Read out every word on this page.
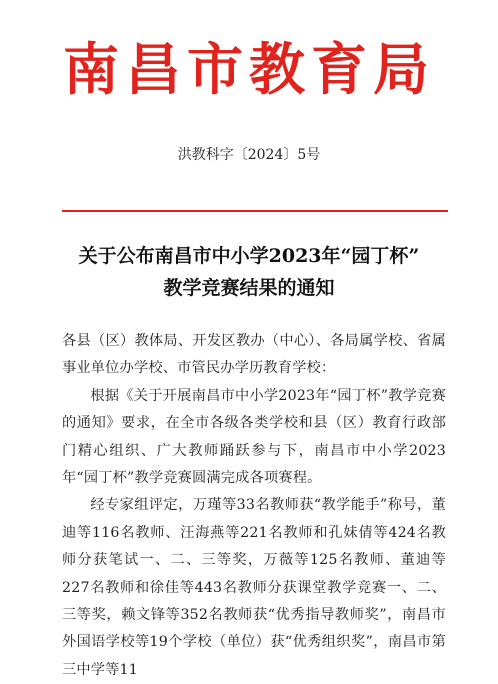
南昌市教育局
洪教科字〔2024〕5号
关于公布南昌市中小学2023年“园丁杯”
教学竞赛结果的通知

各县（区）教体局、开发区教办（中心）、各局属学校、省属事业单位办学校、市管民办学历教育学校：

根据《关于开展南昌市中小学2023年“园丁杯”教学竞赛的通知》要求，在全市各级各类学校和县（区）教育行政部门精心组织、广大教师踊跃参与下，南昌市中小学2023年“园丁杯”教学竞赛圆满完成各项赛程。

经专家组评定，万瑾等33名教师获“教学能手”称号，董迪等116名教师、汪海燕等221名教师和孔妹倩等424名教师分获笔试一、二、三等奖，万薇等125名教师、董迪等227名教师和徐佳等443名教师分获课堂教学竞赛一、二、三等奖，赖文锋等352名教师获“优秀指导教师奖”，南昌市外国语学校等19个学校（单位）获“优秀组织奖”，南昌市第三中学等11
